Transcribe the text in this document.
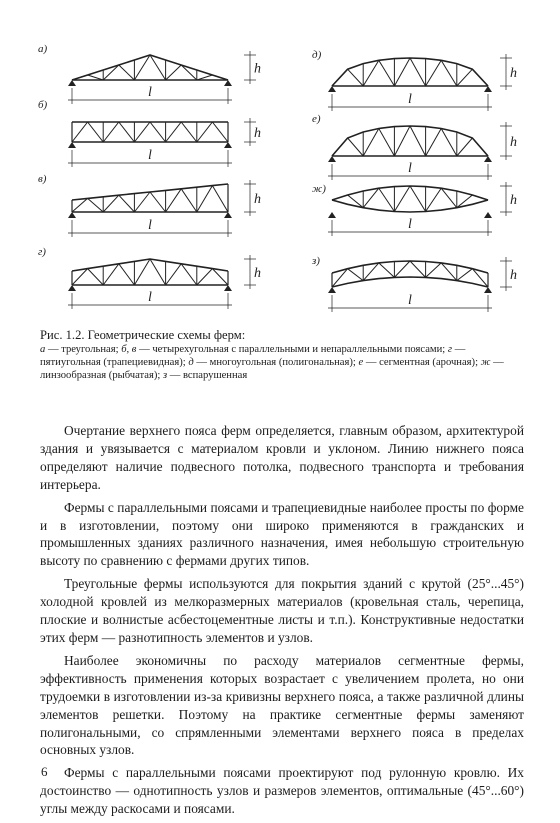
h
l
а)
h
l
б)
h
l
в)
h
l
г)
h
l
д)
h
l
е)
h
l
ж)
h
l
з)
Рис. 1.2. Геометрические схемы ферм:
а — треугольная; б, в — четырехугольная с параллельными и непараллельными поясами; г — пятиугольная (трапециевидная); д — многоугольная (полигональная); е — сегментная (арочная); ж — линзообразная (рыбчатая); з — вспарушенная

Очертание верхнего пояса ферм определяется, главным образом, архитектурой здания и увязывается с материалом кровли и уклоном. Линию нижнего пояса определяют наличие подвесного потолка, подвесного транспорта и требования интерьера.

Фермы с параллельными поясами и трапециевидные наиболее просты по форме и в изготовлении, поэтому они широко применяются в гражданских и промышленных зданиях различного назначения, имея небольшую строительную высоту по сравнению с фермами других типов.

Треугольные фермы используются для покрытия зданий с крутой (25°...45°) холодной кровлей из мелкоразмерных материалов (кровельная сталь, черепица, плоские и волнистые асбестоцементные листы и т.п.). Конструктивные недостатки этих ферм — разнотипность элементов и узлов.

Наиболее экономичны по расходу материалов сегментные фермы, эффективность применения которых возрастает с увеличением пролета, но они трудоемки в изготовлении из-за кривизны верхнего пояса, а также различной длины элементов решетки. Поэтому на практике сегментные фермы заменяют полигональными, со спрямленными элементами верхнего пояса в пределах основных узлов.

Фермы с параллельными поясами проектируют под рулонную кровлю. Их достоинство — однотипность узлов и размеров элементов, оптимальные (45°...60°) углы между раскосами и поясами.

6
